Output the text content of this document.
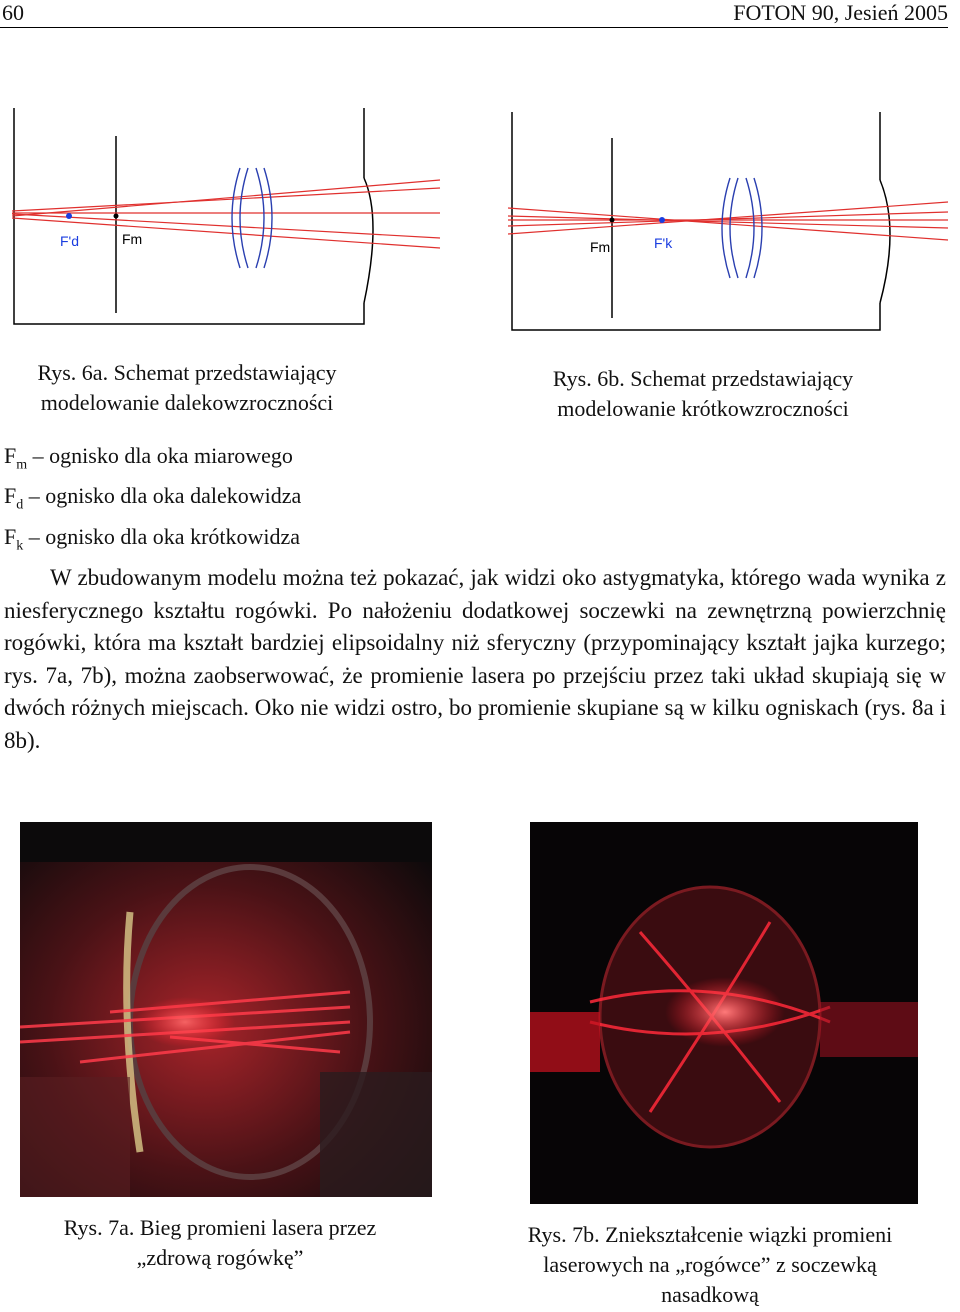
60	FOTON 90, Jesień 2005
F'd	Fm	Fm	F'k
Rys. 6a. Schemat przedstawiający
modelowanie dalekowzroczności
Rys. 6b. Schemat przedstawiający
modelowanie krótkowzroczności
$F_m$ – ognisko dla oka miarowego
$F_d$ – ognisko dla oka dalekowidza
$F_k$ – ognisko dla oka krótkowidza
W zbudowanym modelu można też pokazać, jak widzi oko astygmatyka, którego wada wynika z niesferycznego kształtu rogówki. Po nałożeniu dodatkowej soczewki na zewnętrzną powierzchnię rogówki, która ma kształt bardziej elipsoidalny niż sferyczny (przypominający kształt jajka kurzego; rys. 7a, 7b), można zaobserwować, że promienie lasera po przejściu przez taki układ skupiają się w dwóch różnych miejscach. Oko nie widzi ostro, bo promienie skupiane są w kilku ogniskach (rys. 8a i 8b).
Rys. 7a. Bieg promieni lasera przez
„zdrową rogówkę”
Rys. 7b. Zniekształcenie wiązki promieni
laserowych na „rogówce” z soczewką
nasadkową
